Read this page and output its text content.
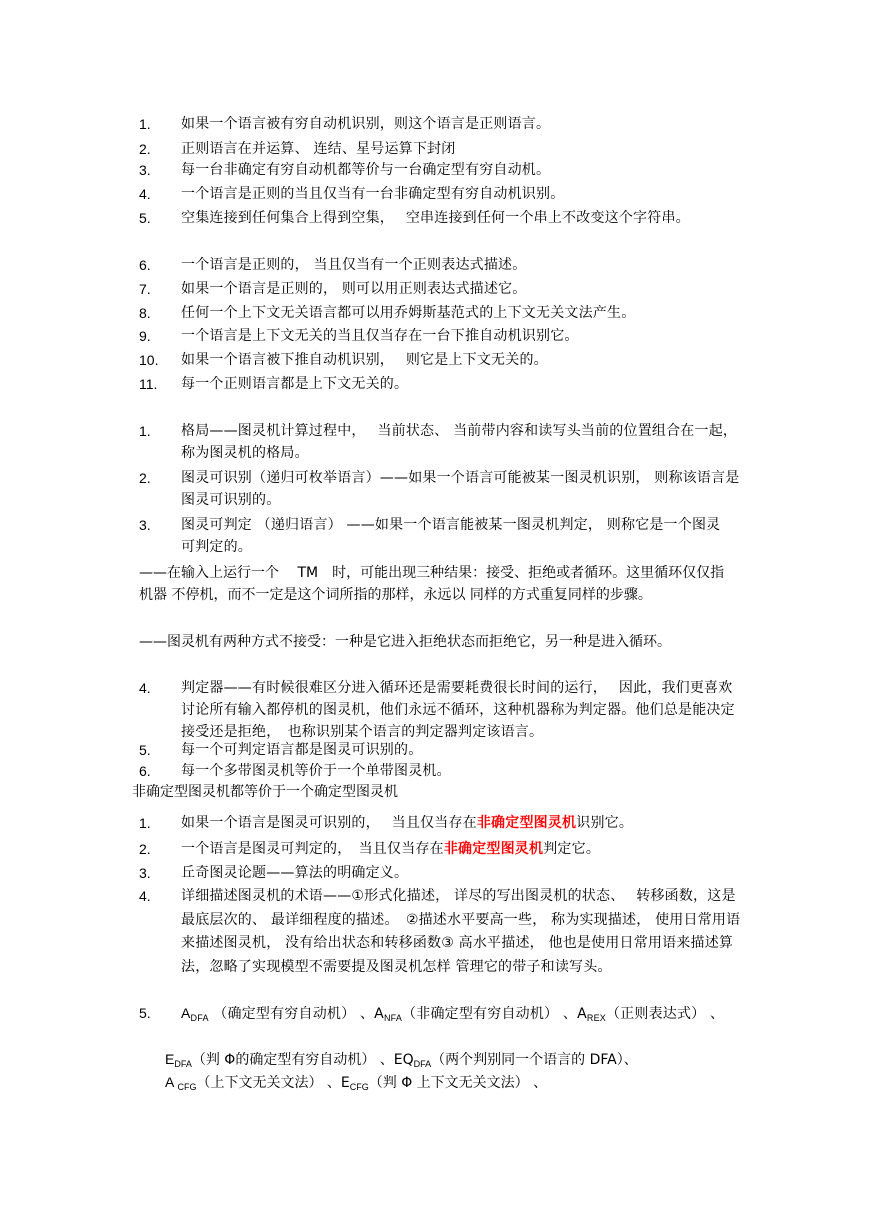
1.	如果一个语言被有穷自动机识别，则这个语言是正则语言。
2.	正则语言在并运算、 连结、星号运算下封闭
3.	每一台非确定有穷自动机都等价与一台确定型有穷自动机。
4.	一个语言是正则的当且仅当有一台非确定型有穷自动机识别。
5.	空集连接到任何集合上得到空集，　 空串连接到任何一个串上不改变这个字符串。
6.	一个语言是正则的， 当且仅当有一个正则表达式描述。
7.	如果一个语言是正则的， 则可以用正则表达式描述它。
8.	任何一个上下文无关语言都可以用乔姆斯基范式的上下文无关文法产生。
9.	一个语言是上下文无关的当且仅当存在一台下推自动机识别它。
10.	如果一个语言被下推自动机识别，　 则它是上下文无关的。
11.	每一个正则语言都是上下文无关的。
1.	格局——图灵机计算过程中，　 当前状态、 当前带内容和读写头当前的位置组合在一起， 称为图灵机的格局。
2.	图灵可识别（递归可枚举语言）——如果一个语言可能被某一图灵机识别， 则称该语言是图灵可识别的。
3.	图灵可判定 （递归语言） ——如果一个语言能被某一图灵机判定， 则称它是一个图灵可判定的。
——在输入上运行一个　 TM　时，可能出现三种结果：接受、拒绝或者循环。这里循环仅仅指机器 不停机，而不一定是这个词所指的那样，永远以 同样的方式重复同样的步骤。
——图灵机有两种方式不接受：一种是它进入拒绝状态而拒绝它，另一种是进入循环。
4.	判定器——有时候很难区分进入循环还是需要耗费很长时间的运行，　 因此，我们更喜欢讨论所有输入都停机的图灵机，他们永远不循环，这种机器称为判定器。他们总是能决定接受还是拒绝，　也称识别某个语言的判定器判定该语言。
5.	每一个可判定语言都是图灵可识别的。
6.	每一个多带图灵机等价于一个单带图灵机。
非确定型图灵机都等价于一个确定型图灵机
1.	如果一个语言是图灵可识别的，　 当且仅当存在非确定型图灵机识别它。
2.	一个语言是图灵可判定的，　当且仅当存在非确定型图灵机判定它。
3.	丘奇图灵论题——算法的明确定义。
4.	详细描述图灵机的术语——①形式化描述， 详尽的写出图灵机的状态、　 转移函数，这是最底层次的、 最详细程度的描述。　②描述水平要高一些， 称为实现描述， 使用日常用语来描述图灵机， 没有给出状态和转移函数③ 高水平描述， 他也是使用日常用语来描述算法，忽略了实现模型不需要提及图灵机怎样 管理它的带子和读写头。
5.	$A_{DFA}$ （确定型有穷自动机） 、$A_{NFA}$（非确定型有穷自动机） 、$A_{REX}$（正则表达式） 、
$E_{DFA}$（判 Φ的确定型有穷自动机） 、$EQ_{DFA}$（两个判别同一个语言的 DFA）、
A $_{CFG}$（上下文无关文法） 、$E_{CFG}$（判 Φ 上下文无关文法） 、
